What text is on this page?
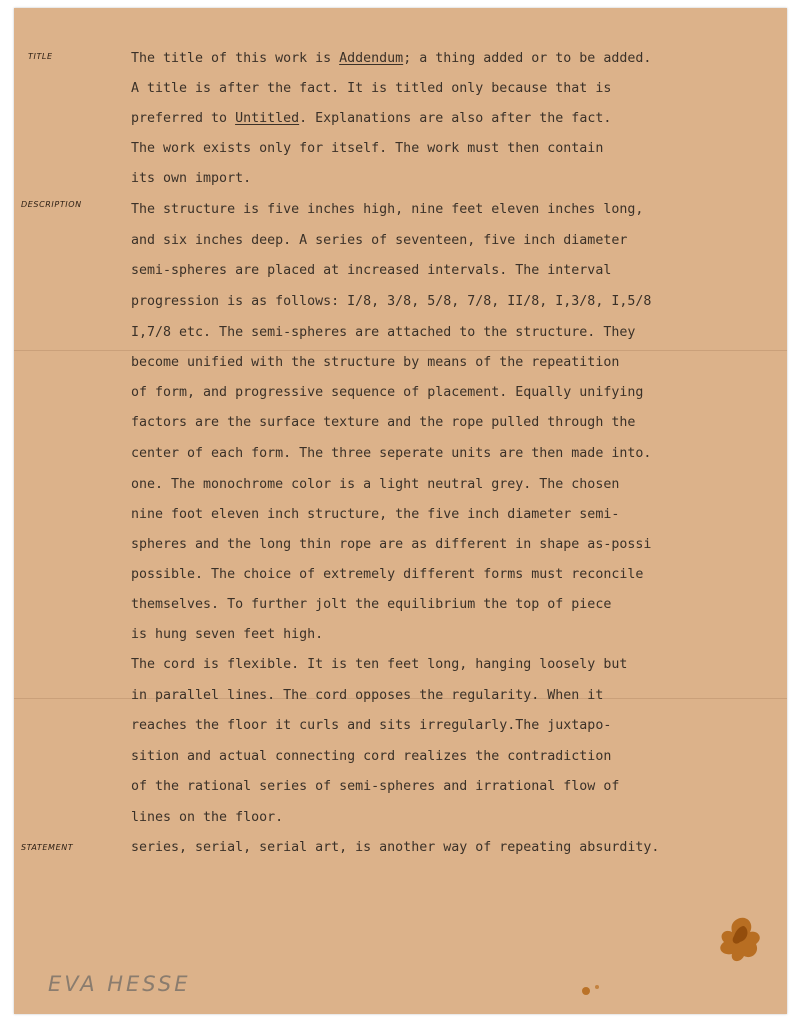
TITLE
DESCRIPTION
STATEMENT
The title of this work is Addendum; a thing added or to be added.
A title is after the fact. It is titled only because that is
preferred to Untitled. Explanations are also after the fact.
The work exists only for itself. The work must then contain
its own import.
The structure is five inches high, nine feet eleven inches long,
and six inches deep. A series of seventeen, five inch diameter
semi-spheres are placed at increased intervals. The interval
progression is as follows: I/8, 3/8, 5/8, 7/8, II/8, I,3/8, I,5/8
I,7/8 etc. The semi-spheres are attached to the structure. They
become unified with the structure by means of the repeatition
of form, and progressive sequence of placement. Equally unifying
factors are the surface texture and the rope pulled through the
center of each form. The three seperate units are then made into.
one. The monochrome color is a light neutral grey. The chosen
nine foot eleven inch structure, the five inch diameter semi-
spheres and the long thin rope are as different in shape as-possi
possible. The choice of extremely different forms must reconcile
themselves. To further jolt the equilibrium the top of piece
is hung seven feet high.
The cord is flexible. It is ten feet long, hanging loosely but
in parallel lines. The cord opposes the regularity. When it
reaches the floor it curls and sits irregularly.The juxtapo-
sition and actual connecting cord realizes the contradiction
of the rational series of semi-spheres and irrational flow of
lines on the floor.
series, serial, serial art, is another way of repeating absurdity.
EVA HESSE
